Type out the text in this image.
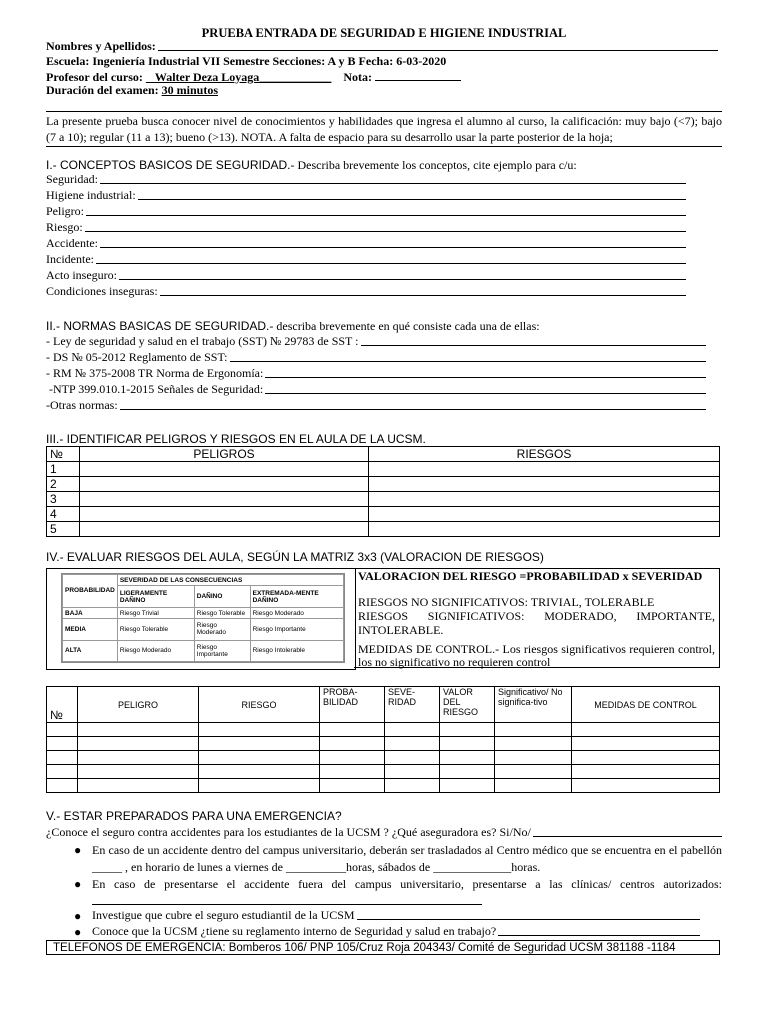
PRUEBA ENTRADA DE SEGURIDAD E HIGIENE INDUSTRIAL
Nombres y Apellidos:
Escuela: Ingeniería Industrial VII Semestre Secciones: A y B Fecha: 6-03-2020
Profesor del curso: Walter Deza Loyaga____________ Nota:
Duración del examen: 30 minutos
La presente prueba busca conocer nivel de conocimientos y habilidades que ingresa el alumno al curso, la calificación: muy bajo (<7); bajo (7 a 10); regular (11 a 13); bueno (>13). NOTA. A falta de espacio para su desarrollo usar la parte posterior de la hoja;
I.- CONCEPTOS BASICOS DE SEGURIDAD.- Describa brevemente los conceptos, cite ejemplo para c/u:
Seguridad:
Higiene industrial:
Peligro:
Riesgo:
Accidente:
Incidente:
Acto inseguro:
Condiciones inseguras:
II.- NORMAS BASICAS DE SEGURIDAD.- describa brevemente en qué consiste cada una de ellas:
- Ley de seguridad y salud en el trabajo (SST) № 29783 de SST :
- DS № 05-2012 Reglamento de SST:
- RM № 375-2008 TR Norma de Ergonomía:
-NTP 399.010.1-2015 Señales de Seguridad:
-Otras normas:
III.- IDENTIFICAR PELIGROS Y RIESGOS EN EL AULA DE LA UCSM.
№	PELIGROS	RIESGOS
1		
2		
3		
4		
5		
IV.- EVALUAR RIESGOS DEL AULA, SEGÚN LA MATRIZ 3x3 (VALORACION DE RIESGOS)
PROBABILIDAD	SEVERIDAD DE LAS CONSECUENCIAS		
	LIGERAMENTE DAÑINO	DAÑINO	EXTREMADA-MENTE DAÑINO
BAJA	Riesgo Trivial	Riesgo Tolerable	Riesgo Moderado
MEDIA	Riesgo Tolerable	Riesgo Moderado	Riesgo Importante
ALTA	Riesgo Moderado	Riesgo Importante	Riesgo Intolerable
VALORACION DEL RIESGO =PROBABILIDAD x SEVERIDAD
RIESGOS NO SIGNIFICATIVOS: TRIVIAL, TOLERABLE
RIESGOS SIGNIFICATIVOS: MODERADO, IMPORTANTE, INTOLERABLE.
MEDIDAS DE CONTROL.- Los riesgos significativos requieren control, los no significativo no requieren control
№	PELIGRO	RIESGO	PROBA-BILIDAD	SEVE-RIDAD	VALOR DEL RIESGO	Significativo/ No significa-tivo	MEDIDAS DE CONTROL

V.- ESTAR PREPARADOS PARA UNA EMERGENCIA?
¿Conoce el seguro contra accidentes para los estudiantes de la UCSM ? ¿Qué aseguradora es? Si/No/
● En caso de un accidente dentro del campus universitario, deberán ser trasladados al Centro médico que se encuentra en el pabellón _____ , en horario de lunes a viernes de __________horas, sábados de _____________horas.
● En caso de presentarse el accidente fuera del campus universitario, presentarse a las clínicas/ centros autorizados:
Investigue que cubre el seguro estudiantil de la UCSM
●
Conoce que la UCSM ¿tiene su reglamento interno de Seguridad y salud en trabajo?
●
TELEFONOS DE EMERGENCIA: Bomberos 106/ PNP 105/Cruz Roja 204343/ Comité de Seguridad UCSM 381188 -1184
